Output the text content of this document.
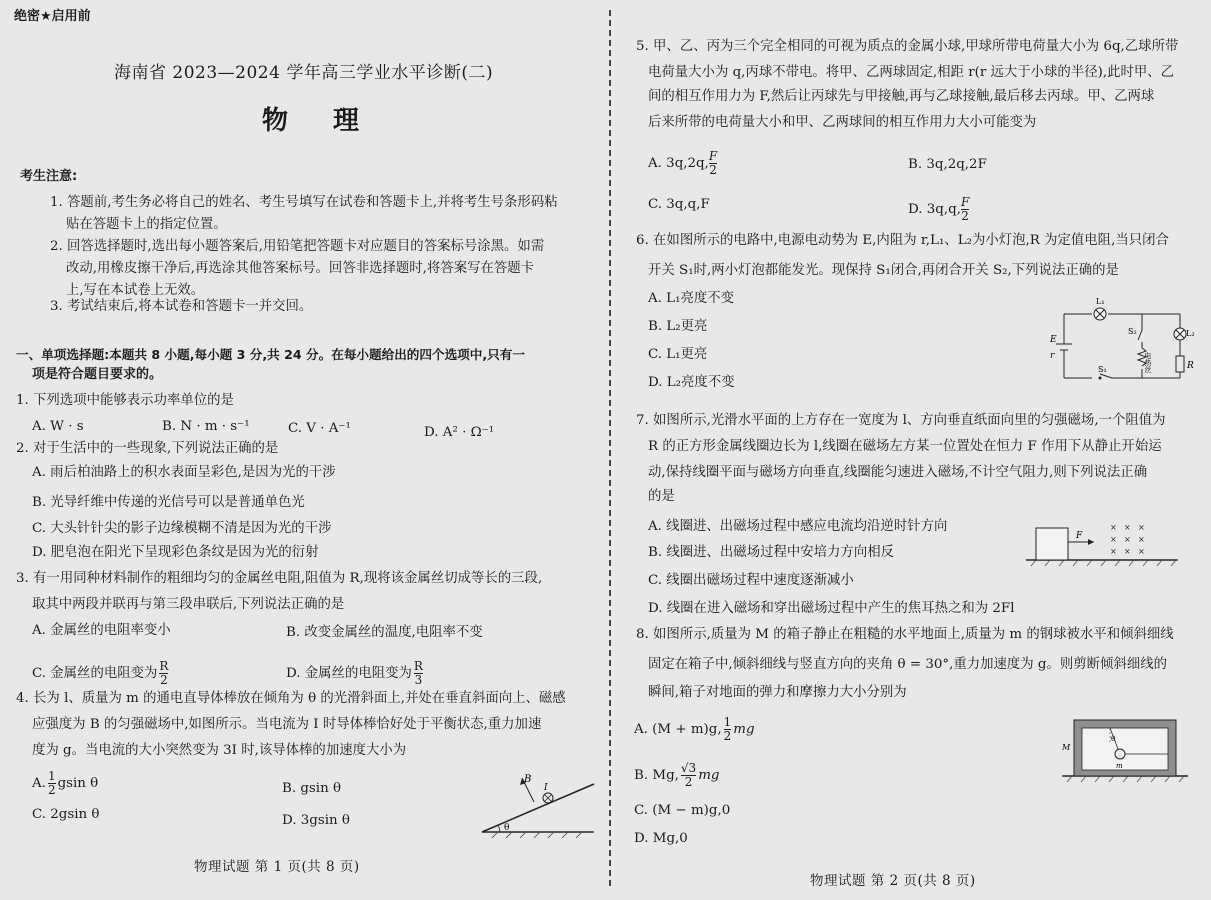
绝密★启用前
海南省 2023—2024 学年高三学业水平诊断(二)
物 理
考生注意:
1. 答题前,考生务必将自己的姓名、考生号填写在试卷和答题卡上,并将考生号条形码粘
贴在答题卡上的指定位置。
2. 回答选择题时,选出每小题答案后,用铅笔把答题卡对应题目的答案标号涂黑。如需
改动,用橡皮擦干净后,再选涂其他答案标号。回答非选择题时,将答案写在答题卡
上,写在本试卷上无效。
3. 考试结束后,将本试卷和答题卡一并交回。
一、单项选择题:本题共 8 小题,每小题 3 分,共 24 分。在每小题给出的四个选项中,只有一
项是符合题目要求的。
1. 下列选项中能够表示功率单位的是
A. W · s	B. N · m · s⁻¹	C. V · A⁻¹	D. A² · Ω⁻¹
2. 对于生活中的一些现象,下列说法正确的是
A. 雨后柏油路上的积水表面呈彩色,是因为光的干涉
B. 光导纤维中传递的光信号可以是普通单色光
C. 大头针针尖的影子边缘模糊不清是因为光的干涉
D. 肥皂泡在阳光下呈现彩色条纹是因为光的衍射
3. 有一用同种材料制作的粗细均匀的金属丝电阻,阻值为 R,现将该金属丝切成等长的三段,
取其中两段并联再与第三段串联后,下列说法正确的是
A. 金属丝的电阻率变小	B. 改变金属丝的温度,电阻率不变
C. 金属丝的电阻变为 $\frac{R}{2}$	D. 金属丝的电阻变为 $\frac{R}{3}$
4. 长为 l、质量为 m 的通电直导体棒放在倾角为 θ 的光滑斜面上,并处在垂直斜面向上、磁感
应强度为 B 的匀强磁场中,如图所示。当电流为 I 时导体棒恰好处于平衡状态,重力加速
度为 g。当电流的大小突然变为 3I 时,该导体棒的加速度大小为
A. $\frac{1}{2}$ gsin θ	B. gsin θ
C. 2gsin θ	D. 3gsin θ	θ
B
I
物理试题 第 1 页(共 8 页)
5. 甲、乙、丙为三个完全相同的可视为质点的金属小球,甲球所带电荷量大小为 6q,乙球所带
电荷量大小为 q,丙球不带电。将甲、乙两球固定,相距 r(r 远大于小球的半径),此时甲、乙
间的相互作用力为 F,然后让丙球先与甲接触,再与乙球接触,最后移去丙球。甲、乙两球
后来所带的电荷量大小和甲、乙两球间的相互作用力大小可能变为
A. 3q,2q, $\frac{F}{2}$	B. 3q,2q,2F
C. 3q,q,F	D. 3q,q, $\frac{F}{2}$
6. 在如图所示的电路中,电源电动势为 E,内阻为 r,L₁、L₂为小灯泡,R 为定值电阻,当只闭合
开关 S₁时,两小灯泡都能发光。现保持 S₁闭合,再闭合开关 S₂,下列说法正确的是
A. L₁亮度不变
B. L₂更亮
C. L₁更亮
D. L₂亮度不变
L₁
L₂
S₂
S₁
E
r
R
电热丝
7. 如图所示,光滑水平面的上方存在一宽度为 l、方向垂直纸面向里的匀强磁场,一个阻值为
R 的正方形金属线圈边长为 l,线圈在磁场左方某一位置处在恒力 F 作用下从静止开始运
动,保持线圈平面与磁场方向垂直,线圈能匀速进入磁场,不计空气阻力,则下列说法正确
的是
A. 线圈进、出磁场过程中感应电流均沿逆时针方向
B. 线圈进、出磁场过程中安培力方向相反
C. 线圈出磁场过程中速度逐渐减小
D. 线圈在进入磁场和穿出磁场过程中产生的焦耳热之和为 2Fl
F
× × ×
× × ×
× × ×
8. 如图所示,质量为 M 的箱子静止在粗糙的水平地面上,质量为 m 的钢球被水平和倾斜细线
固定在箱子中,倾斜细线与竖直方向的夹角 θ = 30°,重力加速度为 g。则剪断倾斜细线的
瞬间,箱子对地面的弹力和摩擦力大小分别为
A. (M + m)g, $\frac{1}{2}$ mg
B. Mg, $\frac{√3}{2}$ mg
C. (M − m)g,0
D. Mg,0
M
m
θ
物理试题 第 2 页(共 8 页)
